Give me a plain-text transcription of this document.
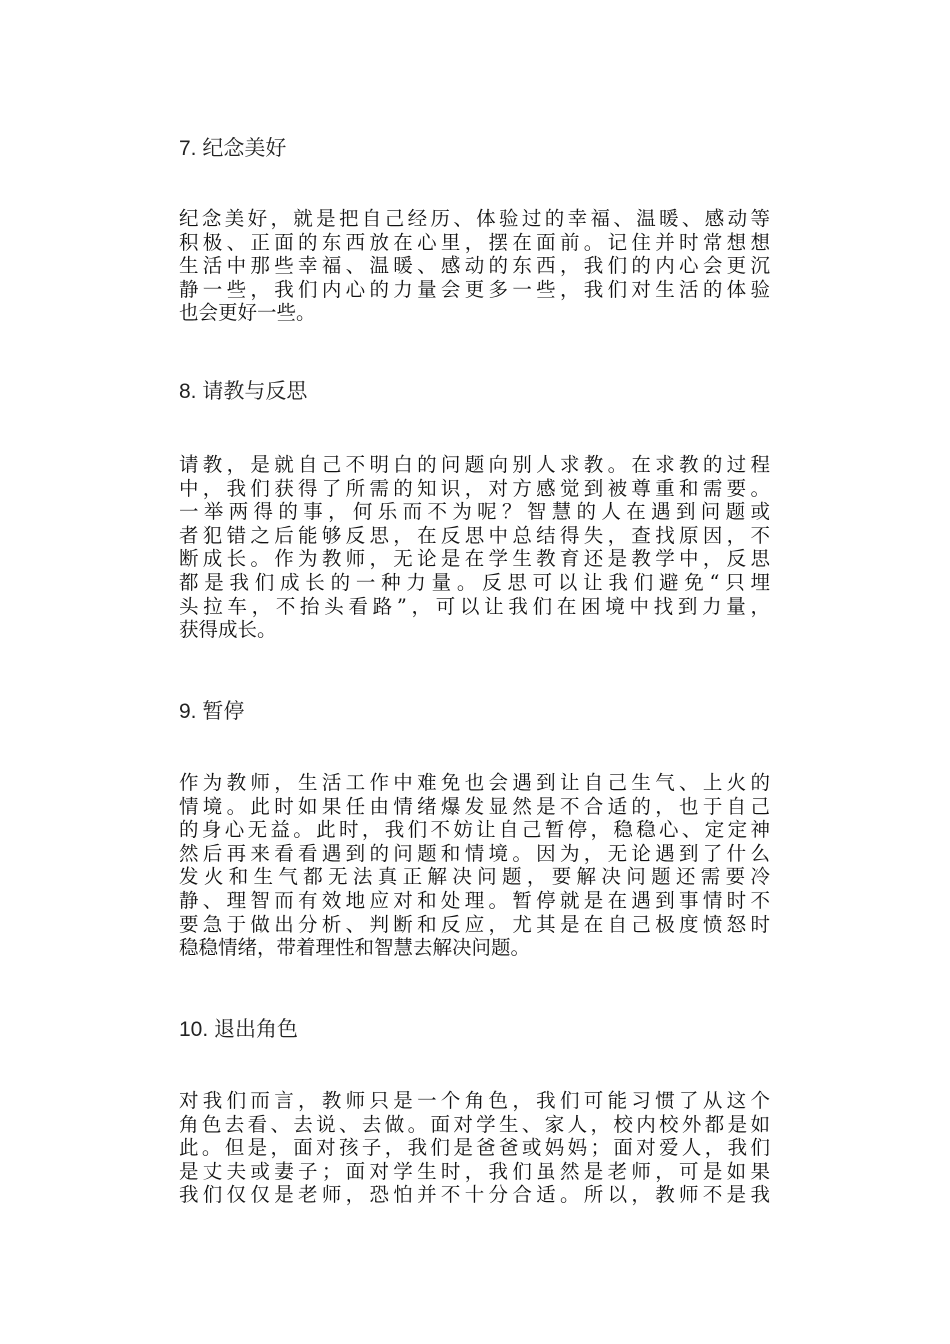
7. 纪念美好
纪念美好，就是把自己经历、体验过的幸福、温暖、感动等
积极、正面的东西放在心里，摆在面前。记住并时常想想
生活中那些幸福、温暖、感动的东西，我们的内心会更沉
静一些，我们内心的力量会更多一些，我们对生活的体验
也会更好一些。
8. 请教与反思
请教，是就自己不明白的问题向别人求教。在求教的过程
中，我们获得了所需的知识，对方感觉到被尊重和需要。
一举两得的事，何乐而不为呢？智慧的人在遇到问题或
者犯错之后能够反思，在反思中总结得失，查找原因，不
断成长。作为教师，无论是在学生教育还是教学中，反思
都是我们成长的一种力量。反思可以让我们避免“只埋
头拉车，不抬头看路”，可以让我们在困境中找到力量，
获得成长。
9. 暂停
作为教师，生活工作中难免也会遇到让自己生气、上火的
情境。此时如果任由情绪爆发显然是不合适的，也于自己
的身心无益。此时，我们不妨让自己暂停，稳稳心、定定神
然后再来看看遇到的问题和情境。因为，无论遇到了什么
发火和生气都无法真正解决问题，要解决问题还需要冷
静、理智而有效地应对和处理。暂停就是在遇到事情时不
要急于做出分析、判断和反应，尤其是在自己极度愤怒时
稳稳情绪，带着理性和智慧去解决问题。
10. 退出角色
对我们而言，教师只是一个角色，我们可能习惯了从这个
角色去看、去说、去做。面对学生、家人，校内校外都是如
此。但是，面对孩子，我们是爸爸或妈妈；面对爱人，我们
是丈夫或妻子；面对学生时，我们虽然是老师，可是如果
我们仅仅是老师，恐怕并不十分合适。所以，教师不是我
